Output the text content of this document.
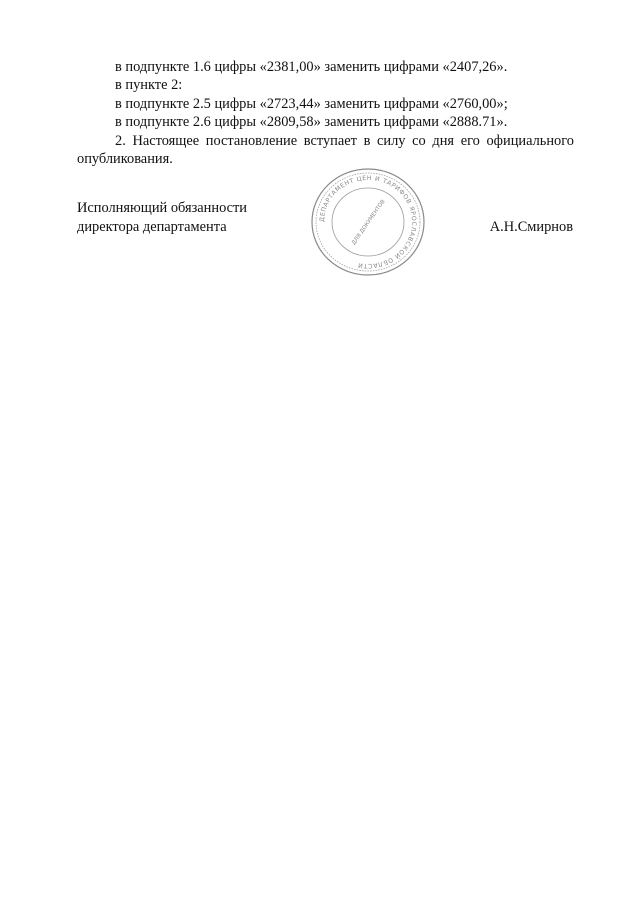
в подпункте 1.6 цифры «2381,00» заменить цифрами «2407,26».

в пункте 2:

в подпункте 2.5 цифры «2723,44» заменить цифрами «2760,00»;

в подпункте 2.6 цифры «2809,58» заменить цифрами «2888.71».

2. Настоящее постановление вступает в силу со дня его официального опубликования.

Исполняющий обязанности
директора департамента	ДЕПАРТАМЕНТ ЦЕН И ТАРИФОВ ЯРОСЛАВСКОЙ ОБЛАСТИ
ДЛЯ ДОКУМЕНТОВ	А.Н.Смирнов
